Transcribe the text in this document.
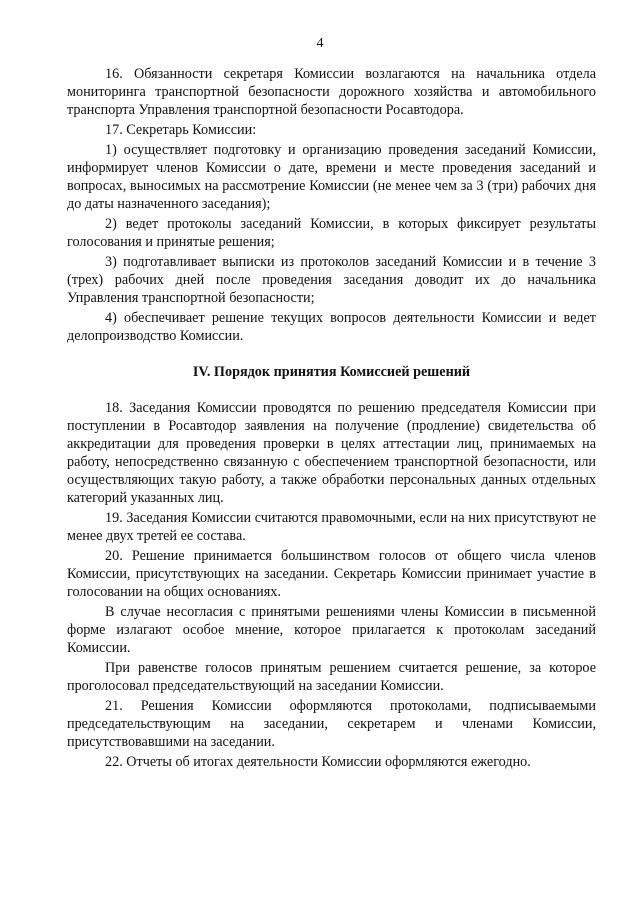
4

16. Обязанности секретаря Комиссии возлагаются на начальника отдела мониторинга транспортной безопасности дорожного хозяйства и автомобильного транспорта Управления транспортной безопасности Росавтодора.

17. Секретарь Комиссии:

1) осуществляет подготовку и организацию проведения заседаний Комиссии, информирует членов Комиссии о дате, времени и месте проведения заседаний и вопросах, выносимых на рассмотрение Комиссии (не менее чем за 3 (три) рабочих дня до даты назначенного заседания);

2) ведет протоколы заседаний Комиссии, в которых фиксирует результаты голосования и принятые решения;

3) подготавливает выписки из протоколов заседаний Комиссии и в течение 3 (трех) рабочих дней после проведения заседания доводит их до начальника Управления транспортной безопасности;

4) обеспечивает решение текущих вопросов деятельности Комиссии и ведет делопроизводство Комиссии.

IV. Порядок принятия Комиссией решений

18. Заседания Комиссии проводятся по решению председателя Комиссии при поступлении в Росавтодор заявления на получение (продление) свидетельства об аккредитации для проведения проверки в целях аттестации лиц, принимаемых на работу, непосредственно связанную с обеспечением транспортной безопасности, или осуществляющих такую работу, а также обработки персональных данных отдельных категорий указанных лиц.

19. Заседания Комиссии считаются правомочными, если на них присутствуют не менее двух третей ее состава.

20. Решение принимается большинством голосов от общего числа членов Комиссии, присутствующих на заседании. Секретарь Комиссии принимает участие в голосовании на общих основаниях.

В случае несогласия с принятыми решениями члены Комиссии в письменной форме излагают особое мнение, которое прилагается к протоколам заседаний Комиссии.

При равенстве голосов принятым решением считается решение, за которое проголосовал председательствующий на заседании Комиссии.

21. Решения Комиссии оформляются протоколами, подписываемыми председательствующим на заседании, секретарем и членами Комиссии, присутствовавшими на заседании.

22. Отчеты об итогах деятельности Комиссии оформляются ежегодно.
